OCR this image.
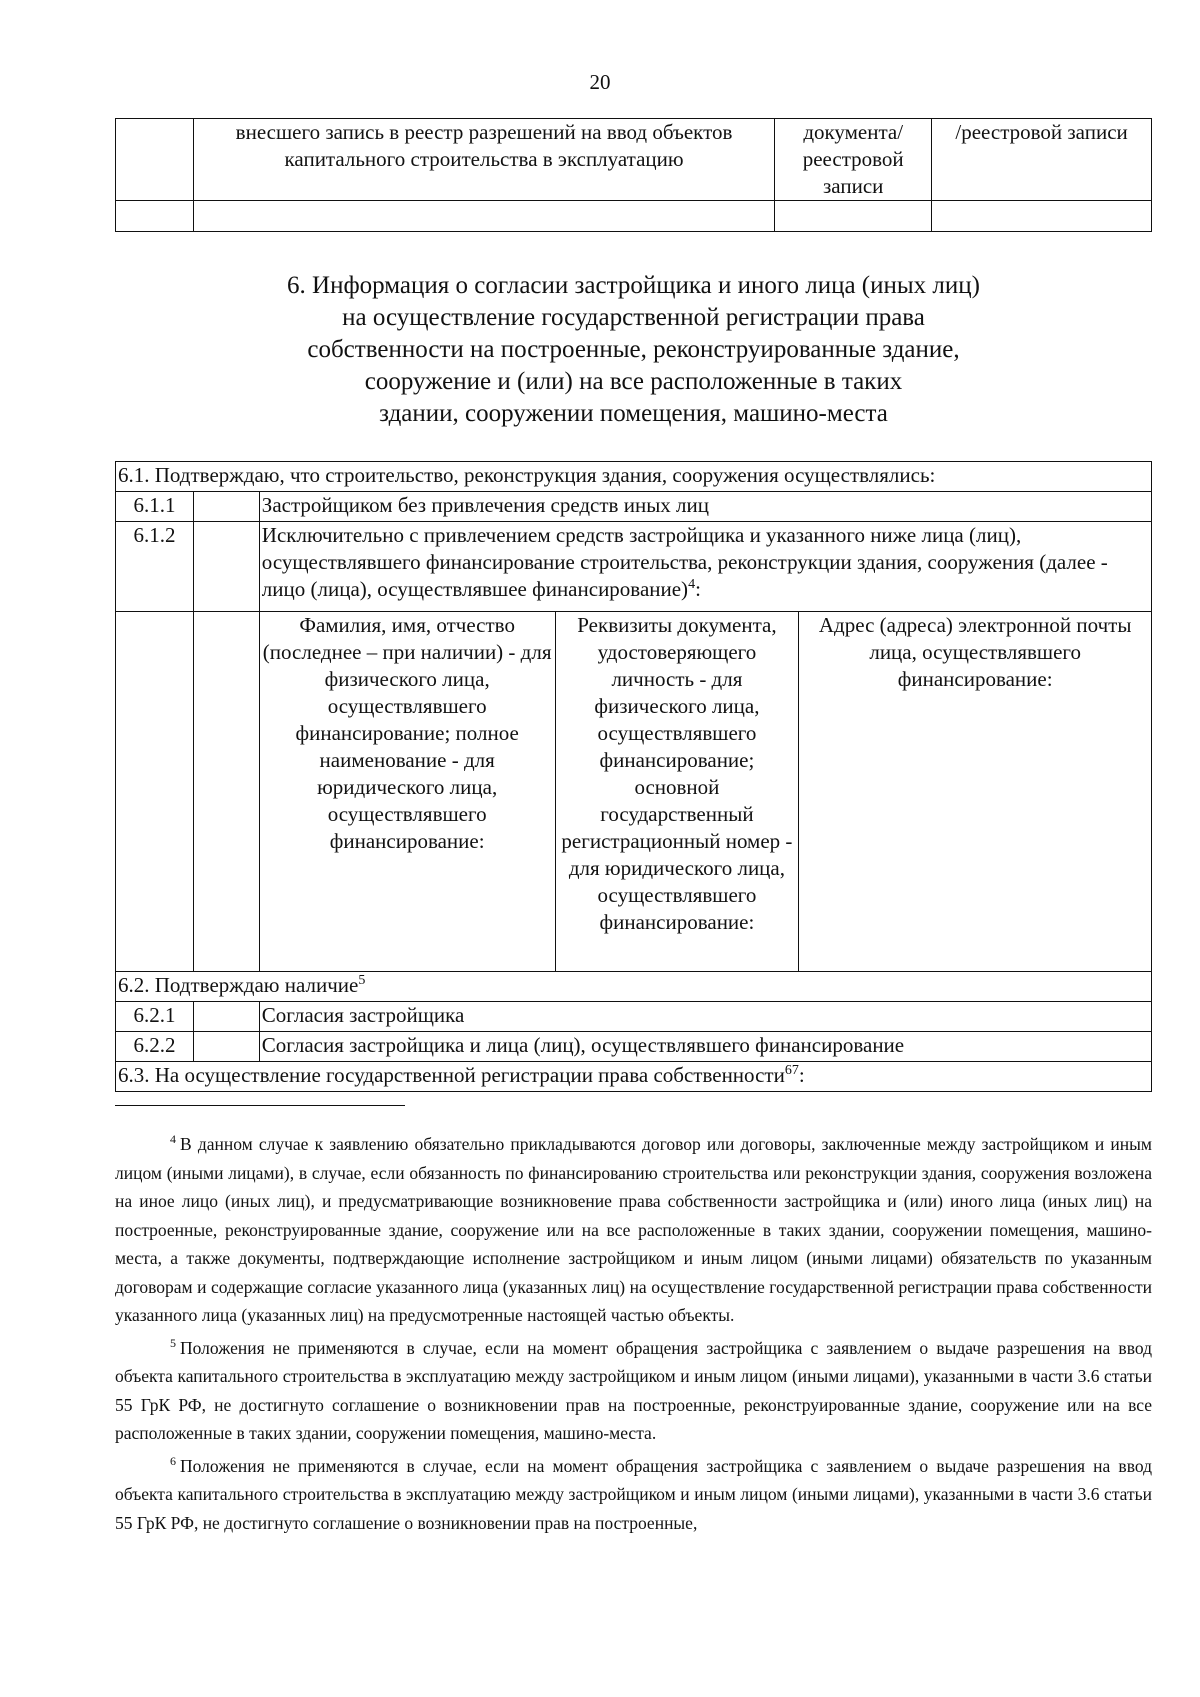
20
	внесшего запись в реестр разрешений на ввод объектов капитального строительства в эксплуатацию	документа/ реестровой записи	/реестровой записи

6. Информация о согласии застройщика и иного лица (иных лиц)
на осуществление государственной регистрации права
собственности на построенные, реконструированные здание,
сооружение и (или) на все расположенные в таких
здании, сооружении помещения, машино-места
6.1. Подтверждаю, что строительство, реконструкция здания, сооружения осуществлялись:				
6.1.1		Застройщиком без привлечения средств иных лиц		
6.1.2		Исключительно с привлечением средств застройщика и указанного ниже лица (лиц), осуществлявшего финансирование строительства, реконструкции здания, сооружения (далее - лицо (лица), осуществлявшее финансирование)$^4$:		
		Фамилия, имя, отчество (последнее – при наличии) - для физического лица, осуществлявшего финансирование; полное наименование - для юридического лица, осуществлявшего финансирование:	Реквизиты документа, удостоверяющего личность - для физического лица, осуществлявшего финансирование; основной государственный регистрационный номер - для юридического лица, осуществлявшего финансирование:	Адрес (адреса) электронной почты лица, осуществлявшего финансирование:
6.2. Подтверждаю наличие$^5$
6.2.1		Согласия застройщика		
6.2.2		Согласия застройщика и лица (лиц), осуществлявшего финансирование		
6.3. На осуществление государственной регистрации права собственности$^{67}$:				

$^4$ В данном случае к заявлению обязательно прикладываются договор или договоры, заключенные между застройщиком и иным лицом (иными лицами), в случае, если обязанность по финансированию строительства или реконструкции здания, сооружения возложена на иное лицо (иных лиц), и предусматривающие возникновение права собственности застройщика и (или) иного лица (иных лиц) на построенные, реконструированные здание, сооружение или на все расположенные в таких здании, сооружении помещения, машино-места, а также документы, подтверждающие исполнение застройщиком и иным лицом (иными лицами) обязательств по указанным договорам и содержащие согласие указанного лица (указанных лиц) на осуществление государственной регистрации права собственности указанного лица (указанных лиц) на предусмотренные настоящей частью объекты.

$^5$ Положения не применяются в случае, если на момент обращения застройщика с заявлением о выдаче разрешения на ввод объекта капитального строительства в эксплуатацию между застройщиком и иным лицом (иными лицами), указанными в части 3.6 статьи 55 ГрК РФ, не достигнуто соглашение о возникновении прав на построенные, реконструированные здание, сооружение или на все расположенные в таких здании, сооружении помещения, машино-места.

$^6$ Положения не применяются в случае, если на момент обращения застройщика с заявлением о выдаче разрешения на ввод объекта капитального строительства в эксплуатацию между застройщиком и иным лицом (иными лицами), указанными в части 3.6 статьи 55 ГрК РФ, не достигнуто соглашение о возникновении прав на построенные,
